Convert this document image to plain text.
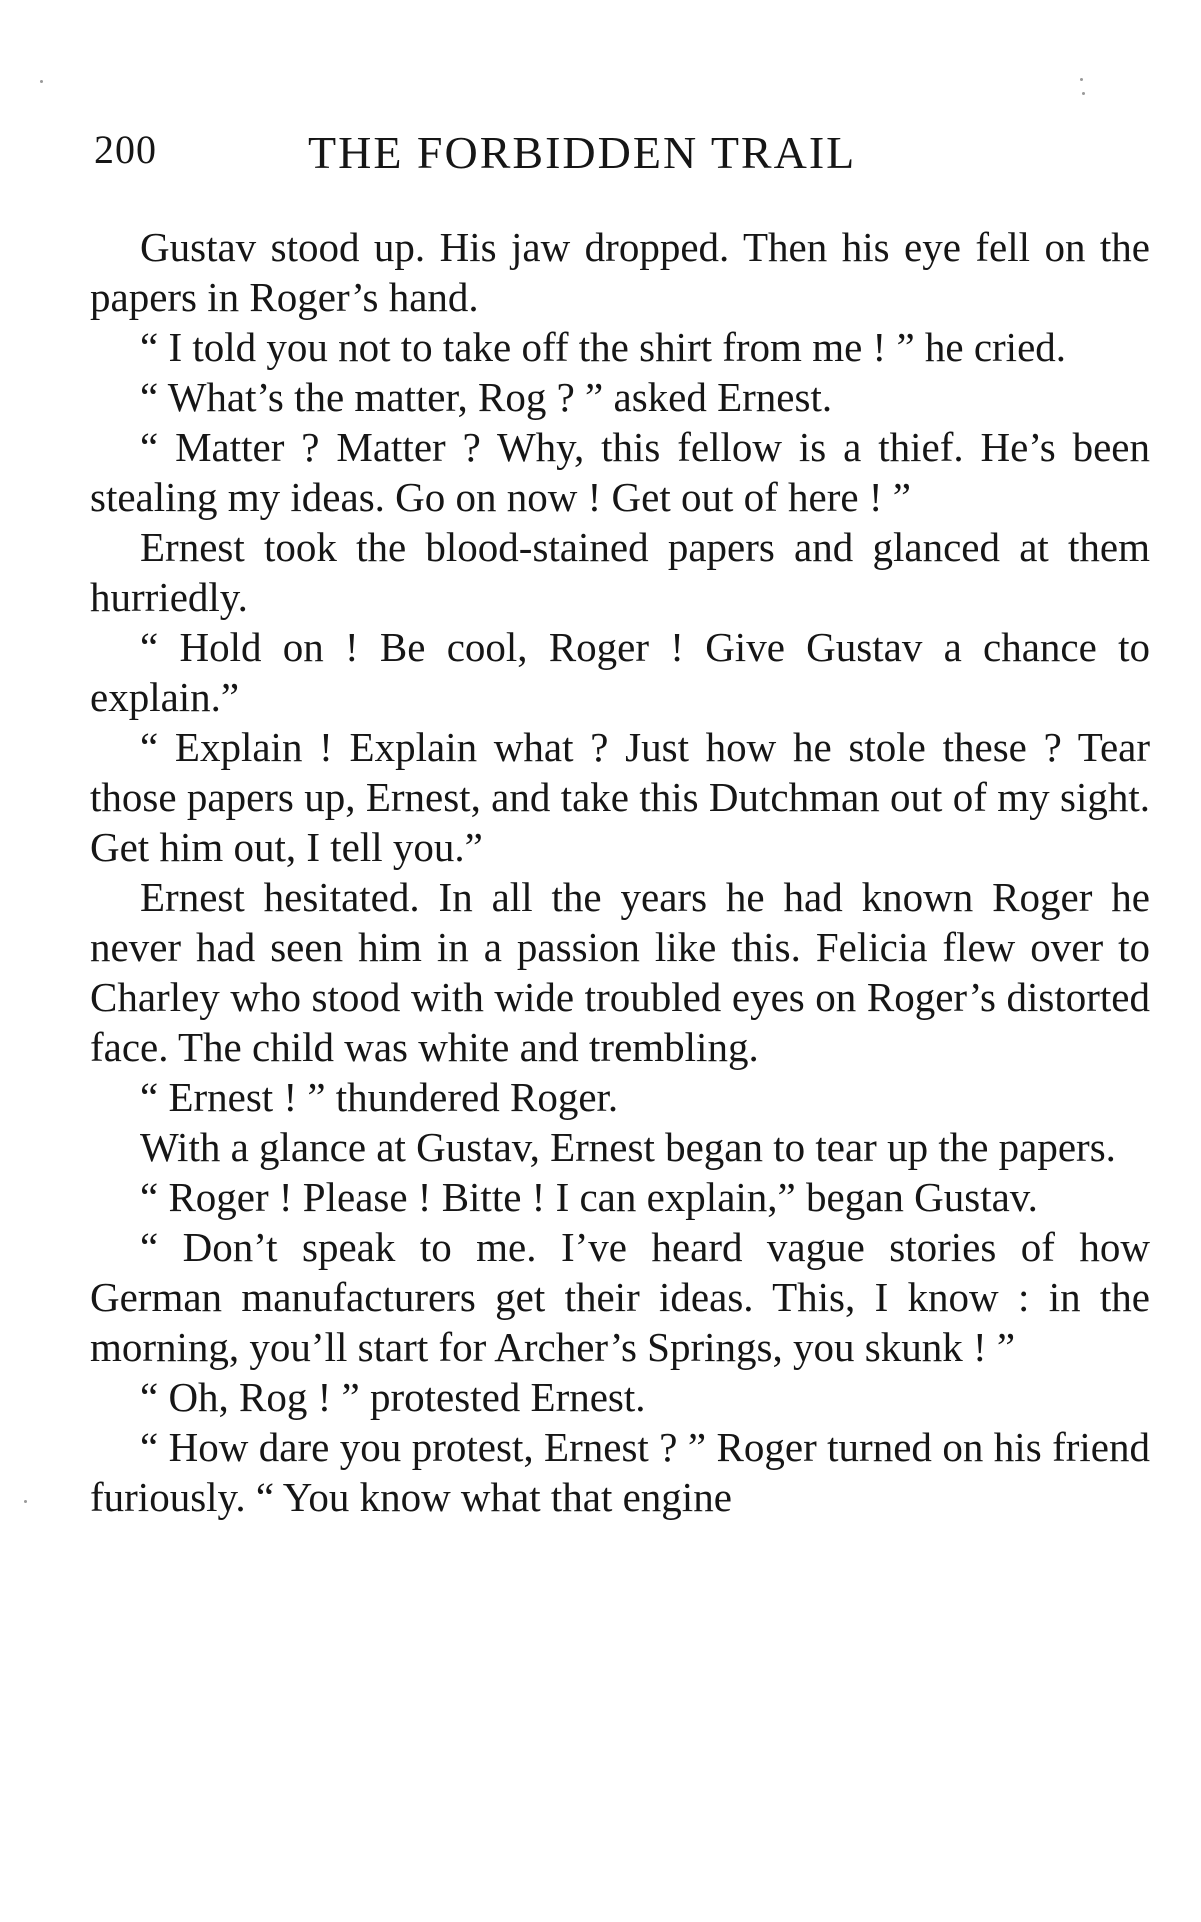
200	THE FORBIDDEN TRAIL

Gustav stood up. His jaw dropped. Then his eye fell on the papers in Roger’s hand.

“ I told you not to take off the shirt from me ! ” he cried.

“ What’s the matter, Rog ? ” asked Ernest.

“ Matter ? Matter ? Why, this fellow is a thief. He’s been stealing my ideas. Go on now ! Get out of here ! ”

Ernest took the blood-stained papers and glanced at them hurriedly.

“ Hold on ! Be cool, Roger ! Give Gustav a chance to explain.”

“ Explain ! Explain what ? Just how he stole these ? Tear those papers up, Ernest, and take this Dutchman out of my sight. Get him out, I tell you.”

Ernest hesitated. In all the years he had known Roger he never had seen him in a passion like this. Felicia flew over to Charley who stood with wide troubled eyes on Roger’s distorted face. The child was white and trembling.

“ Ernest ! ” thundered Roger.

With a glance at Gustav, Ernest began to tear up the papers.

“ Roger ! Please ! Bitte ! I can explain,” began Gustav.

“ Don’t speak to me. I’ve heard vague stories of how German manufacturers get their ideas. This, I know : in the morning, you’ll start for Archer’s Springs, you skunk ! ”

“ Oh, Rog ! ” protested Ernest.

“ How dare you protest, Ernest ? ” Roger turned on his friend furiously. “ You know what that engine
